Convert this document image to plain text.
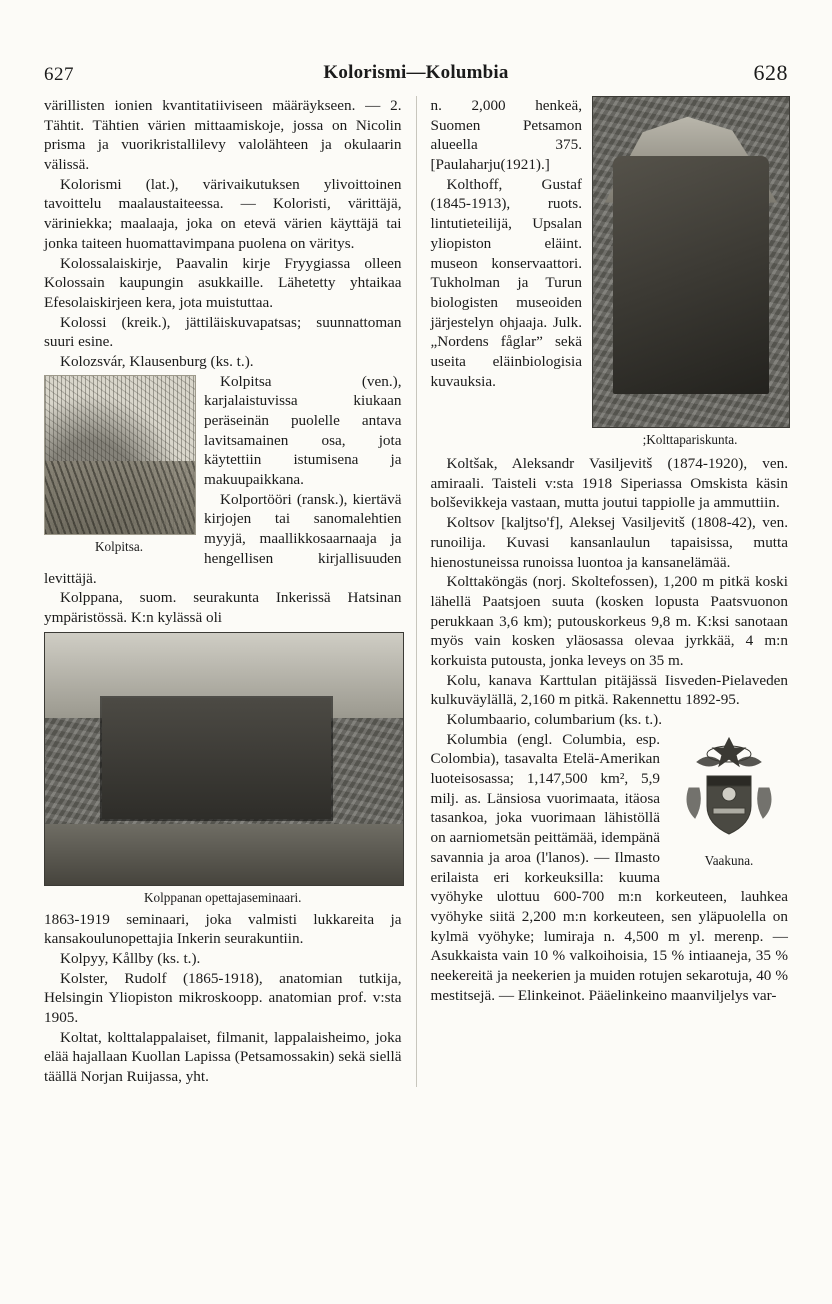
627	Kolorismi—Kolumbia	628

värillisten ionien kvantitatiiviseen määräykseen. — 2. Tähtit. Tähtien värien mittaamiskoje, jossa on Nicolin prisma ja vuorikristallilevy valolähteen ja okulaarin välissä.

Kolorismi (lat.), värivaikutuksen ylivoittoinen tavoittelu maalaustaiteessa. — Koloristi, värittäjä, väriniekka; maalaaja, joka on etevä värien käyttäjä tai jonka taiteen huomattavimpana puolena on väritys.

Kolossalaiskirje, Paavalin kirje Fryygiassa olleen Kolossain kaupungin asukkaille. Lähetetty yhtaikaa Efesolaiskirjeen kera, jota muistuttaa.

Kolossi (kreik.), jättiläiskuvapatsas; suunnattoman suuri esine.

Kolozsvár, Klausenburg (ks. t.).

Kolpitsa.

Kolpitsa (ven.), karjalaistuvissa kiukaan peräseinän puolelle antava lavitsamainen osa, jota käytettiin istumisena ja makuupaikkana.

Kolportööri (ransk.), kiertävä kirjojen tai sanomalehtien myyjä, maallikkosaarnaaja ja hengellisen kirjallisuuden levittäjä.

Kolppana, suom. seurakunta Inkerissä Hatsinan ympäristössä. K:n kylässä oli

Kolppanan opettajaseminaari.

1863-1919 seminaari, joka valmisti lukkareita ja kansakoulunopettajia Inkerin seurakuntiin.

Kolpyy, Kållby (ks. t.).

Kolster, Rudolf (1865-1918), anatomian tutkija, Helsingin Yliopiston mikroskoopp. anatomian prof. v:sta 1905.

Koltat, kolttalappalaiset, filmanit, lappalaisheimo, joka elää hajallaan Kuollan Lapissa (Petsamossakin) sekä siellä täällä Norjan Ruijassa, yht.

;Kolttapariskunta.

n. 2,000 henkeä, Suomen Petsamon alueella 375. [Paulaharju(1921).]

Kolthoff, Gustaf (1845-1913), ruots. lintutieteilijä, Upsalan yliopiston eläint. museon konservaattori. Tukholman ja Turun biologisten museoiden järjestelyn ohjaaja. Julk. „Nordens fåglar” sekä useita eläinbiologisia kuvauksia.

Koltšak, Aleksandr Vasiljevitš (1874-1920), ven. amiraali. Taisteli v:sta 1918 Siperiassa Omskista käsin bolševikkeja vastaan, mutta joutui tappiolle ja ammuttiin.

Koltsov [kaljtso'f], Aleksej Vasiljevitš (1808-42), ven. runoilija. Kuvasi kansanlaulun tapaisissa, mutta hienostuneissa runoissa luontoa ja kansanelämää.

Kolttaköngäs (norj. Skoltefossen), 1,200 m pitkä koski lähellä Paatsjoen suuta (kosken lopusta Paatsvuonon perukkaan 3,6 km); putouskorkeus 9,8 m. K:ksi sanotaan myös vain kosken yläosassa olevaa jyrkkää, 4 m:n korkuista putousta, jonka leveys on 35 m.

Kolu, kanava Karttulan pitäjässä Iisveden-Pielaveden kulkuväylällä, 2,160 m pitkä. Rakennettu 1892-95.

Kolumbaario, columbarium (ks. t.).

Vaakuna.

Kolumbia (engl. Columbia, esp. Colombia), tasavalta Etelä-Amerikan luoteisosassa; 1,147,500 km², 5,9 milj. as. Länsiosa vuorimaata, itäosa tasankoa, joka vuorimaan lähistöllä on aarniometsän peittämää, idempänä savannia ja aroa (l'lanos). — Ilmasto erilaista eri korkeuksilla: kuuma vyöhyke ulottuu 600-700 m:n korkeuteen, lauhkea vyöhyke siitä 2,200 m:n korkeuteen, sen yläpuolella on kylmä vyöhyke; lumiraja n. 4,500 m yl. merenp. — Asukkaista vain 10 % valkoihoisia, 15 % intiaaneja, 35 % neekereitä ja neekerien ja muiden rotujen sekarotuja, 40 % mestitsejä. — Elinkeinot. Pääelinkeino maanviljelys var-
